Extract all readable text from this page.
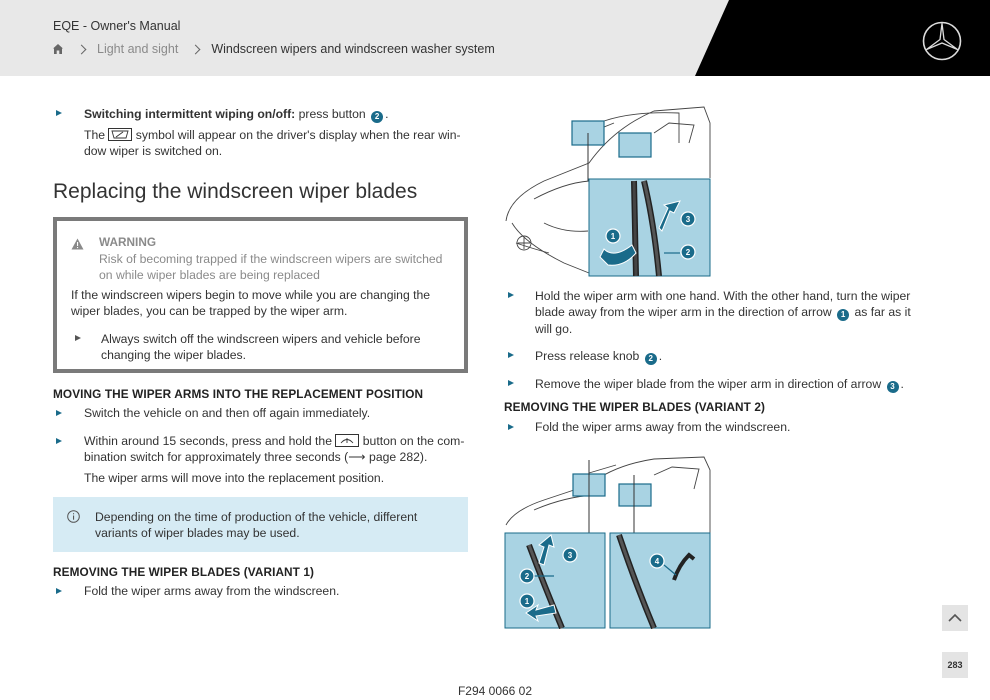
EQE - Owner's Manual
Light and sight	Windscreen wipers and windscreen washer system
Switching intermittent wiping on/off: press button 2 .
The	symbol will appear on the driver's display when the rear win-
dow wiper is switched on.
Replacing the windscreen wiper blades
WARNING
Risk of becoming trapped if the windscreen wipers are switched
on while wiper blades are being replaced
If the windscreen wipers begin to move while you are changing the
wiper blades, you can be trapped by the wiper arm.
Always switch off the windscreen wipers and vehicle before
changing the wiper blades.
MOVING THE WIPER ARMS INTO THE REPLACEMENT POSITION
Switch the vehicle on and then off again immediately.
Within around 15 seconds, press and hold the	button on the com-
bination switch for approximately three seconds (⟶ page 282).
The wiper arms will move into the replacement position.
Depending on the time of production of the vehicle, different
variants of wiper blades may be used.
REMOVING THE WIPER BLADES (VARIANT 1)
Fold the wiper arms away from the windscreen.
1
2
3
Hold the wiper arm with one hand. With the other hand, turn the wiper
blade away from the wiper arm in the direction of arrow 1 as far as it
will go.
Press release knob 2 .
Remove the wiper blade from the wiper arm in direction of arrow 3 .
REMOVING THE WIPER BLADES (VARIANT 2)
Fold the wiper arms away from the windscreen.
1
2
3
4
283
F294 0066 02
